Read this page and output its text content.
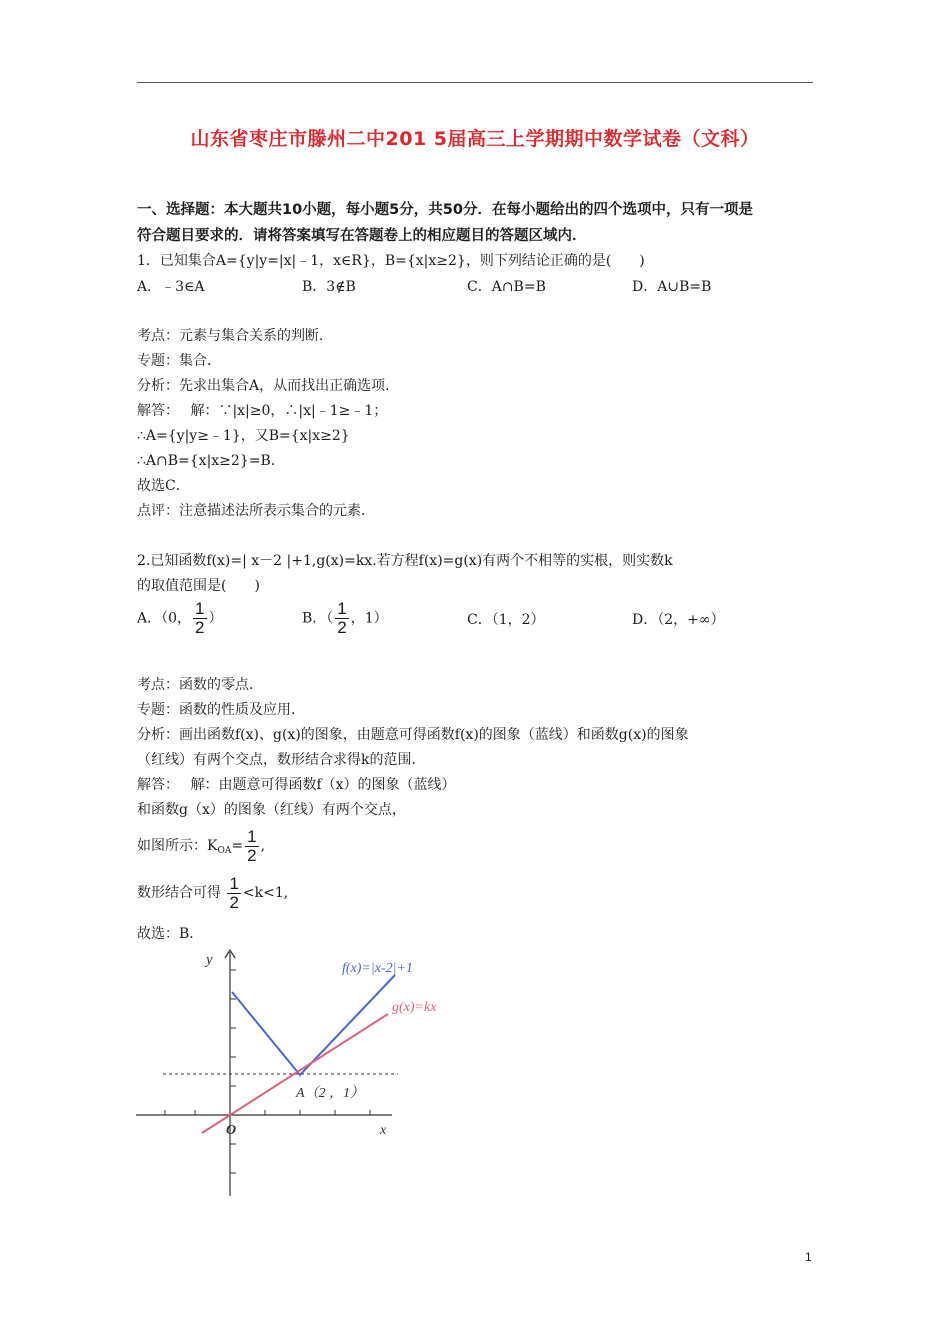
山东省枣庄市滕州二中201 5届高三上学期期中数学试卷（文科）
一、选择题：本大题共10小题，每小题5分，共50分．在每小题给出的四个选项中，只有一项是
符合题目要求的．请将答案填写在答题卷上的相应题目的答题区域内．
1．已知集合A={y|y=|x|﹣1，x∈R}，B={x|x≥2}，则下列结论正确的是(　　)
A．﹣3∈A	B．3∉B	C．A∩B=B	D．A∪B=B
考点：元素与集合关系的判断．
专题：集合．
分析：先求出集合A，从而找出正确选项．
解答：　 解：∵|x|≥0，∴|x|﹣1≥﹣1；
∴A={y|y≥﹣1}，又B={x|x≥2}
∴A∩B={x|x≥2}=B．
故选C．
点评：注意描述法所表示集合的元素．
2.已知函数f(x)=| x－2 |+1,g(x)=kx.若方程f(x)=g(x)有两个不相等的实根，则实数k
的取值范围是(　　)
A．（0， $\frac{1}{2}$ ）	B．（ $\frac{1}{2}$ ，1）	C．（1，2）	D．（2，+∞）
考点：函数的零点．
专题：函数的性质及应用．
分析：画出函数f(x)、g(x)的图象，由题意可得函数f(x)的图象（蓝线）和函数g(x)的图象
（红线）有两个交点，数形结合求得k的范围．
解答：　 解：由题意可得函数f（x）的图象（蓝线）
和函数g（x）的图象（红线）有两个交点，
如图所示：$K_{OA}= \frac{1}{2}$ ,
数形结合可得 $\frac{1}{2} <k<1$,
故选：B．
y
x
O
A（2 ，1）
f(x)=|x-2|+1
g(x)=kx
1
